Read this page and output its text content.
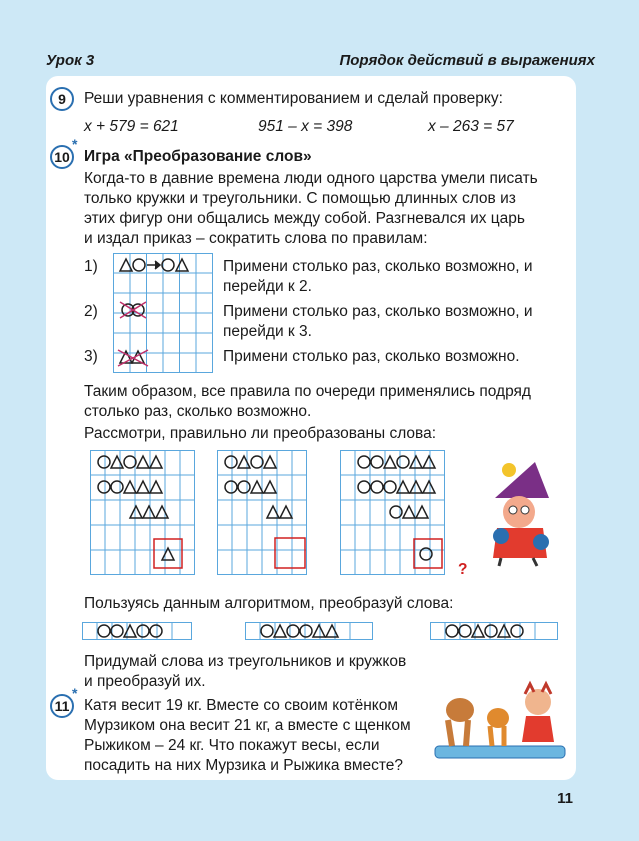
Урок 3	Порядок действий в выражениях
9	Реши уравнения с комментированием и сделай проверку:
x + 579 = 621	951 – x = 398	x – 263 = 57
10
*
Игра «Преобразование слов»
Когда-то в давние времена люди одного царства умели писать
только кружки и треугольники. С помощью длинных слов из
этих фигур они общались между собой. Разгневался их царь
и издал приказ – сократить слова по правилам:
1)	Примени столько раз, сколько возможно, и
перейди к 2.
2)	Примени столько раз, сколько возможно, и
перейди к 3.
3)	Примени столько раз, сколько возможно.
Таким образом, все правила по очереди применялись подряд
столько раз, сколько возможно.
Рассмотри, правильно ли преобразованы слова:
?
Пользуясь данным алгоритмом, преобразуй слова:
Придумай слова из треугольников и кружков
и преобразуй их.
11
*
Катя весит 19 кг. Вместе со своим котёнком
Мурзиком она весит 21 кг, а вместе с щенком
Рыжиком – 24 кг. Что покажут весы, если
посадить на них Мурзика и Рыжика вместе?
11
